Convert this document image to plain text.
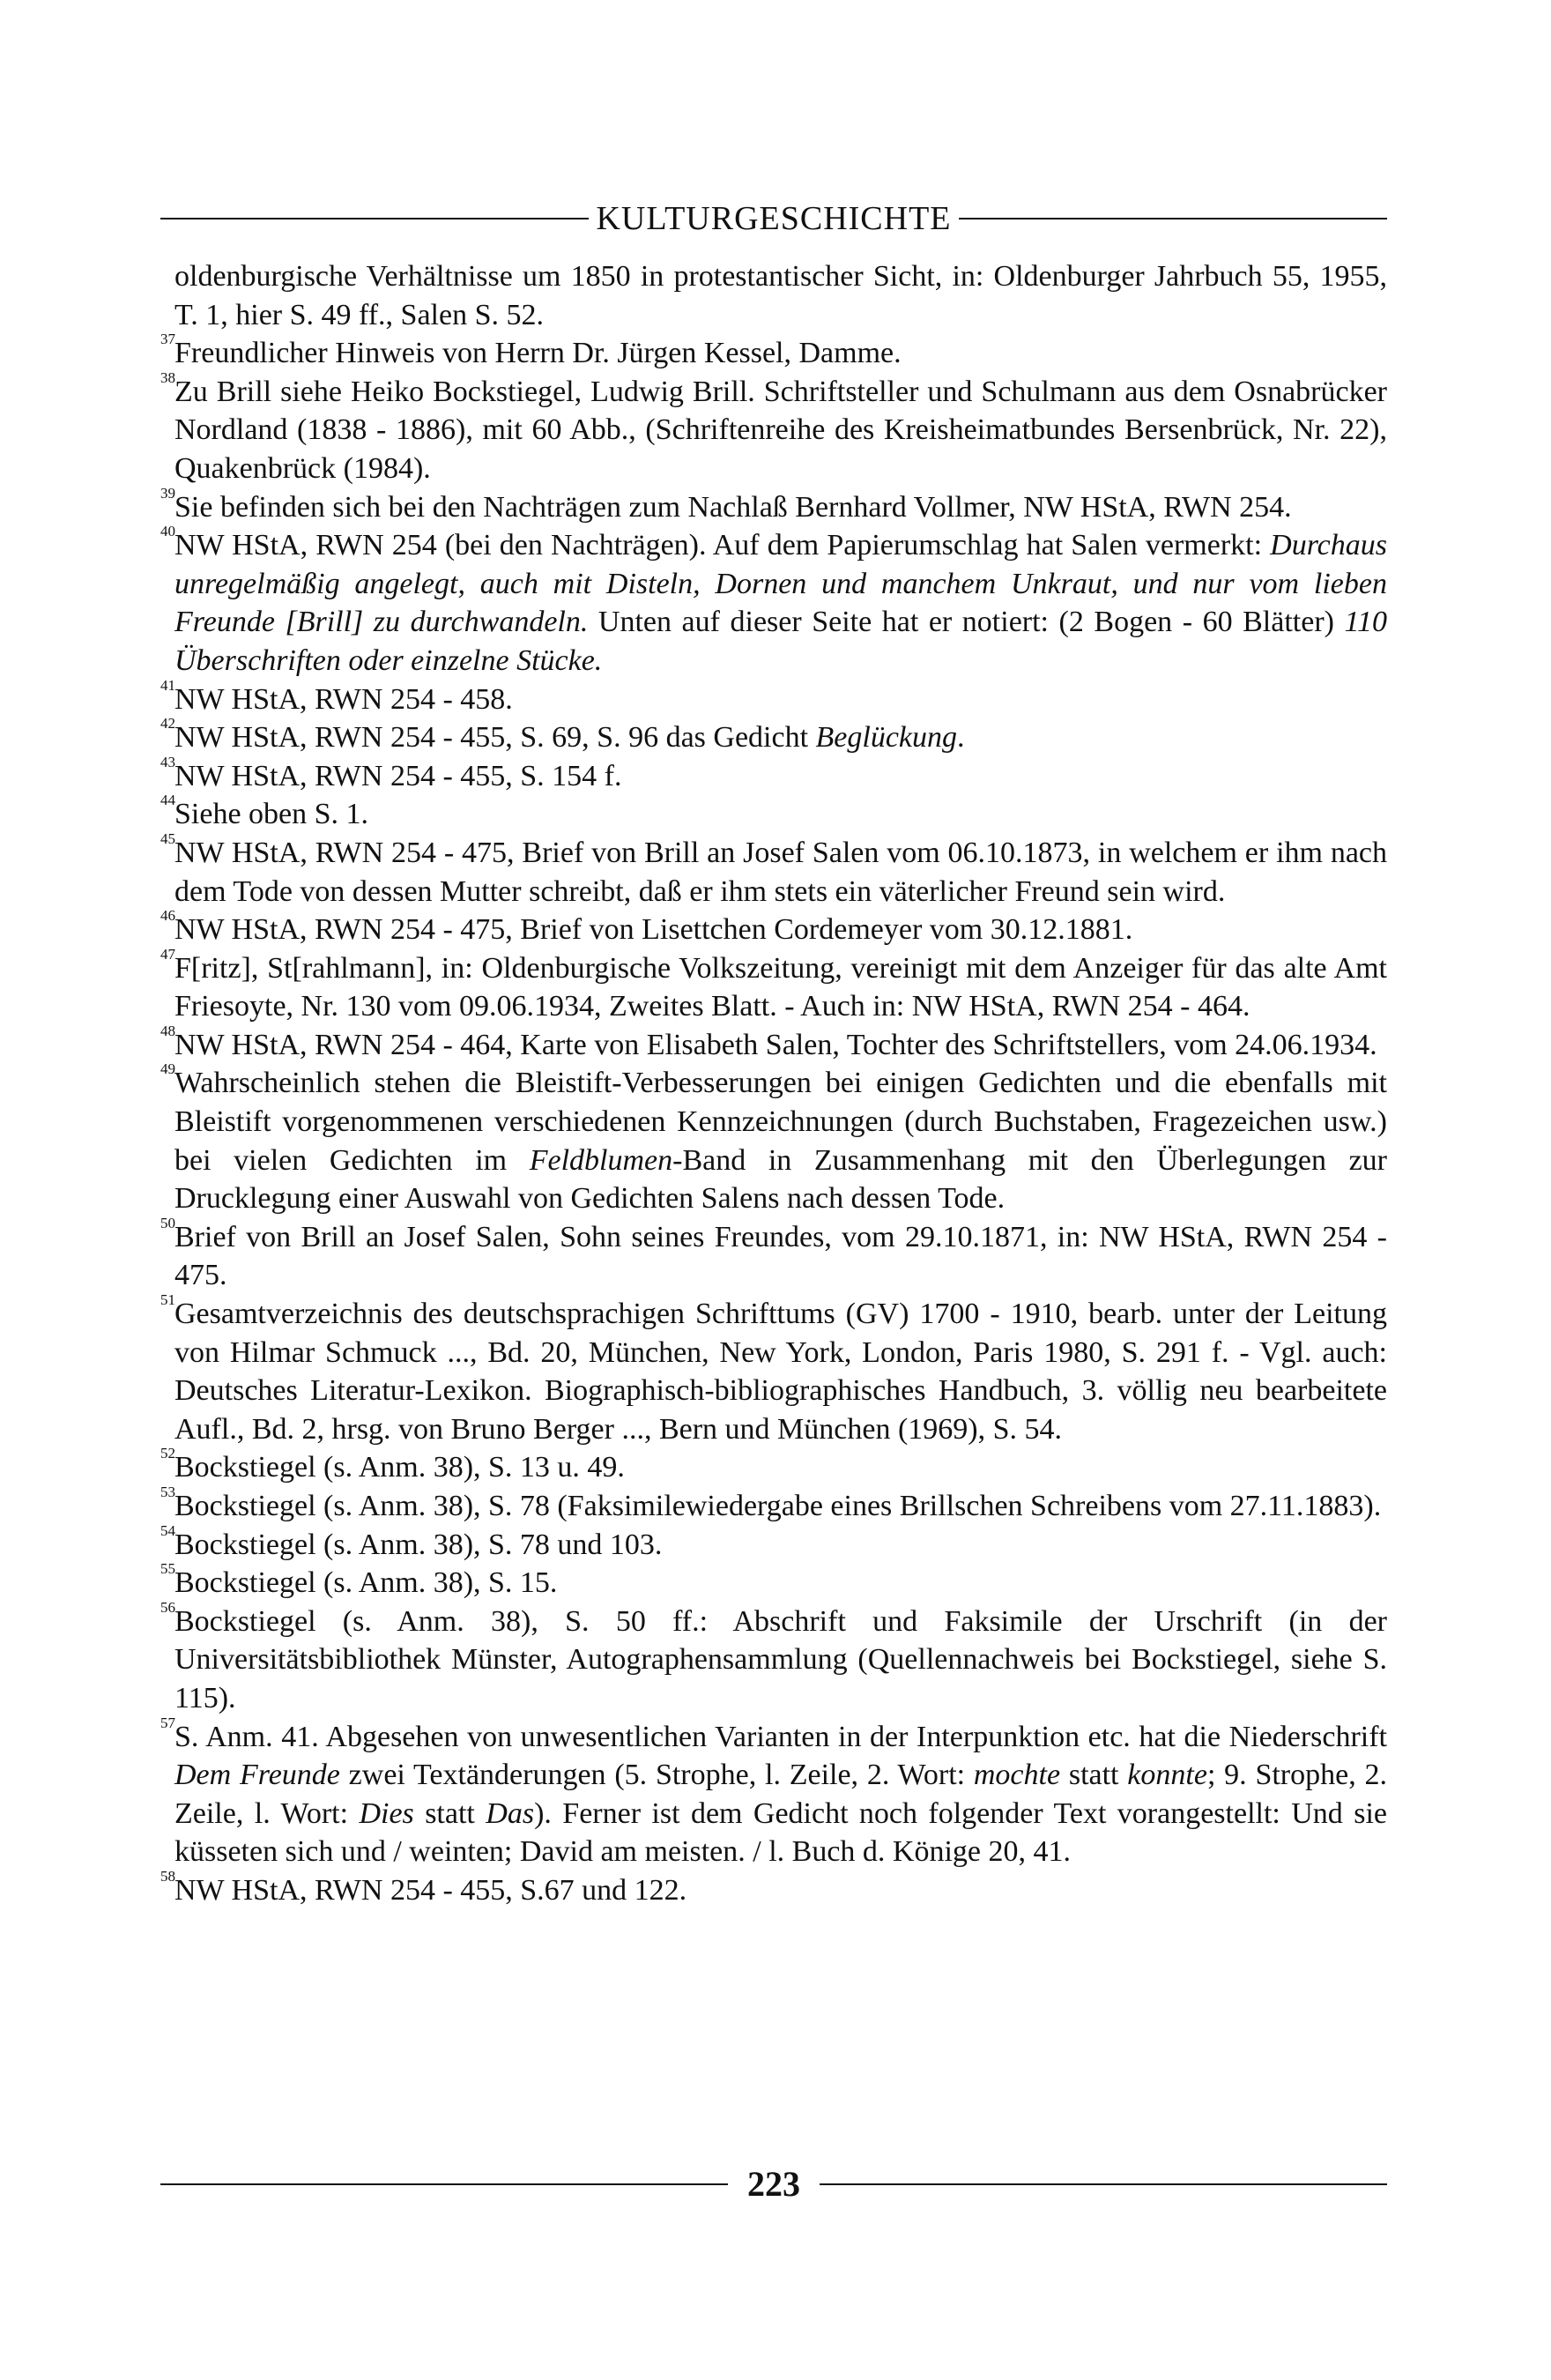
KULTURGESCHICHTE
oldenburgische Verhältnisse um 1850 in protestantischer Sicht, in: Oldenburger Jahrbuch 55, 1955, T. 1, hier S. 49 ff., Salen S. 52.
37 Freundlicher Hinweis von Herrn Dr. Jürgen Kessel, Damme.
38 Zu Brill siehe Heiko Bockstiegel, Ludwig Brill. Schriftsteller und Schulmann aus dem Osnabrücker Nordland (1838 - 1886), mit 60 Abb., (Schriftenreihe des Kreisheimatbundes Bersenbrück, Nr. 22), Quakenbrück (1984).
39 Sie befinden sich bei den Nachträgen zum Nachlaß Bernhard Vollmer, NW HStA, RWN 254.
40 NW HStA, RWN 254 (bei den Nachträgen). Auf dem Papierumschlag hat Salen vermerkt: Durchaus unregelmäßig angelegt, auch mit Disteln, Dornen und manchem Unkraut, und nur vom lieben Freunde [Brill] zu durchwandeln. Unten auf dieser Seite hat er notiert: (2 Bogen - 60 Blätter) 110 Überschriften oder einzelne Stücke.
41 NW HStA, RWN 254 - 458.
42 NW HStA, RWN 254 - 455, S. 69, S. 96 das Gedicht Beglückung.
43 NW HStA, RWN 254 - 455, S. 154 f.
44 Siehe oben S. 1.
45 NW HStA, RWN 254 - 475, Brief von Brill an Josef Salen vom 06.10.1873, in welchem er ihm nach dem Tode von dessen Mutter schreibt, daß er ihm stets ein väterlicher Freund sein wird.
46 NW HStA, RWN 254 - 475, Brief von Lisettchen Cordemeyer vom 30.12.1881.
47 F[ritz], St[rahlmann], in: Oldenburgische Volkszeitung, vereinigt mit dem Anzeiger für das alte Amt Friesoyte, Nr. 130 vom 09.06.1934, Zweites Blatt. - Auch in: NW HStA, RWN 254 - 464.
48 NW HStA, RWN 254 - 464, Karte von Elisabeth Salen, Tochter des Schriftstellers, vom 24.06.1934.
49 Wahrscheinlich stehen die Bleistift-Verbesserungen bei einigen Gedichten und die ebenfalls mit Bleistift vorgenommenen verschiedenen Kennzeichnungen (durch Buchstaben, Fragezeichen usw.) bei vielen Gedichten im Feldblumen-Band in Zusammenhang mit den Überlegungen zur Drucklegung einer Auswahl von Gedichten Salens nach dessen Tode.
50 Brief von Brill an Josef Salen, Sohn seines Freundes, vom 29.10.1871, in: NW HStA, RWN 254 - 475.
51 Gesamtverzeichnis des deutschsprachigen Schrifttums (GV) 1700 - 1910, bearb. unter der Leitung von Hilmar Schmuck ..., Bd. 20, München, New York, London, Paris 1980, S. 291 f. - Vgl. auch: Deutsches Literatur-Lexikon. Biographisch-bibliographisches Handbuch, 3. völlig neu bearbeitete Aufl., Bd. 2, hrsg. von Bruno Berger ..., Bern und München (1969), S. 54.
52 Bockstiegel (s. Anm. 38), S. 13 u. 49.
53 Bockstiegel (s. Anm. 38), S. 78 (Faksimilewiedergabe eines Brillschen Schreibens vom 27.11.1883).
54 Bockstiegel (s. Anm. 38), S. 78 und 103.
55 Bockstiegel (s. Anm. 38), S. 15.
56 Bockstiegel (s. Anm. 38), S. 50 ff.: Abschrift und Faksimile der Urschrift (in der Universitätsbibliothek Münster, Autographensammlung (Quellennachweis bei Bockstiegel, siehe S. 115).
57 S. Anm. 41. Abgesehen von unwesentlichen Varianten in der Interpunktion etc. hat die Niederschrift Dem Freunde zwei Textänderungen (5. Strophe, l. Zeile, 2. Wort: mochte statt konnte; 9. Strophe, 2. Zeile, l. Wort: Dies statt Das). Ferner ist dem Gedicht noch folgender Text vorangestellt: Und sie küsseten sich und / weinten; David am meisten. / l. Buch d. Könige 20, 41.
58 NW HStA, RWN 254 - 455, S.67 und 122.
223
